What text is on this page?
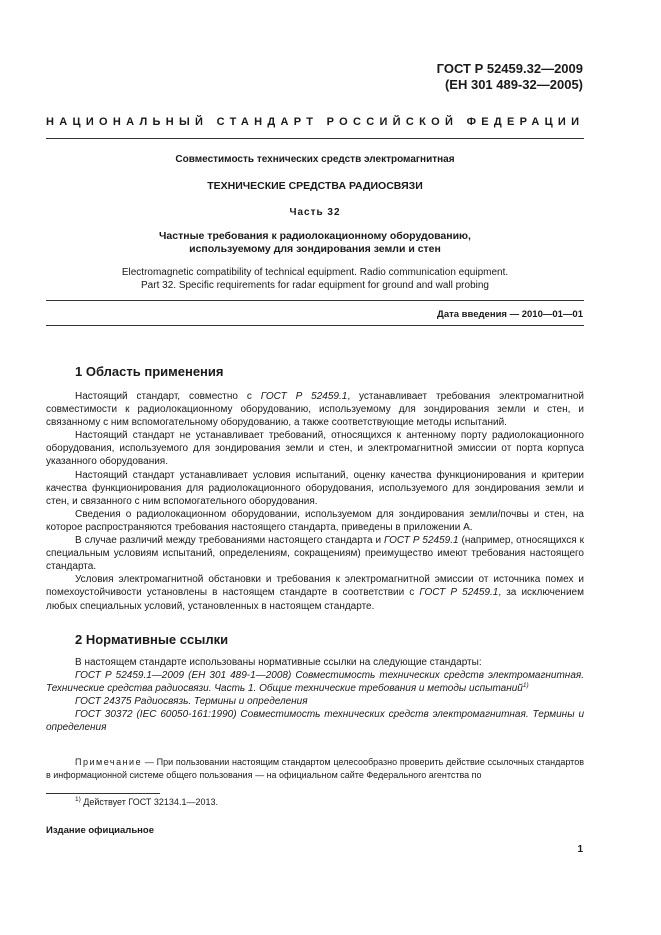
ГОСТ Р 52459.32—2009
(ЕН 301 489-32—2005)
НАЦИОНАЛЬНЫЙ СТАНДАРТ РОССИЙСКОЙ ФЕДЕРАЦИИ
Совместимость технических средств электромагнитная
ТЕХНИЧЕСКИЕ СРЕДСТВА РАДИОСВЯЗИ
Часть 32
Частные требования к радиолокационному оборудованию,
используемому для зондирования земли и стен
Electromagnetic compatibility of technical equipment. Radio communication equipment.
Part 32. Specific requirements for radar equipment for ground and wall probing
Дата введения — 2010—01—01
1 Область применения

Настоящий стандарт, совместно с ГОСТ Р 52459.1, устанавливает требования электромагнитной совместимости к радиолокационному оборудованию, используемому для зондирования земли и стен, и связанному с ним вспомогательному оборудованию, а также соответствующие методы испытаний.

Настоящий стандарт не устанавливает требований, относящихся к антенному порту радиолокационного оборудования, используемого для зондирования земли и стен, и электромагнитной эмиссии от порта корпуса указанного оборудования.

Настоящий стандарт устанавливает условия испытаний, оценку качества функционирования и критерии качества функционирования для радиолокационного оборудования, используемого для зондирования земли и стен, и связанного с ним вспомогательного оборудования.

Сведения о радиолокационном оборудовании, используемом для зондирования земли/почвы и стен, на которое распространяются требования настоящего стандарта, приведены в приложении А.

В случае различий между требованиями настоящего стандарта и ГОСТ Р 52459.1 (например, относящихся к специальным условиям испытаний, определениям, сокращениям) преимущество имеют требования настоящего стандарта.

Условия электромагнитной обстановки и требования к электромагнитной эмиссии от источника помех и помехоустойчивости установлены в настоящем стандарте в соответствии с ГОСТ Р 52459.1, за исключением любых специальных условий, установленных в настоящем стандарте.

2 Нормативные ссылки

В настоящем стандарте использованы нормативные ссылки на следующие стандарты:

ГОСТ Р 52459.1—2009 (ЕН 301 489-1—2008) Совместимость технических средств электромагнитная. Технические средства радиосвязи. Часть 1. Общие технические требования и методы испытаний$^{1)}$

ГОСТ 24375 Радиосвязь. Термины и определения

ГОСТ 30372 (IEC 60050-161:1990) Совместимость технических средств электромагнитная. Термины и определения

Примечание — При пользовании настоящим стандартом целесообразно проверить действие ссылочных стандартов в информационной системе общего пользования — на официальном сайте Федерального агентства по
$^{1)}$ Действует ГОСТ 32134.1—2013.
Издание официальное
1
